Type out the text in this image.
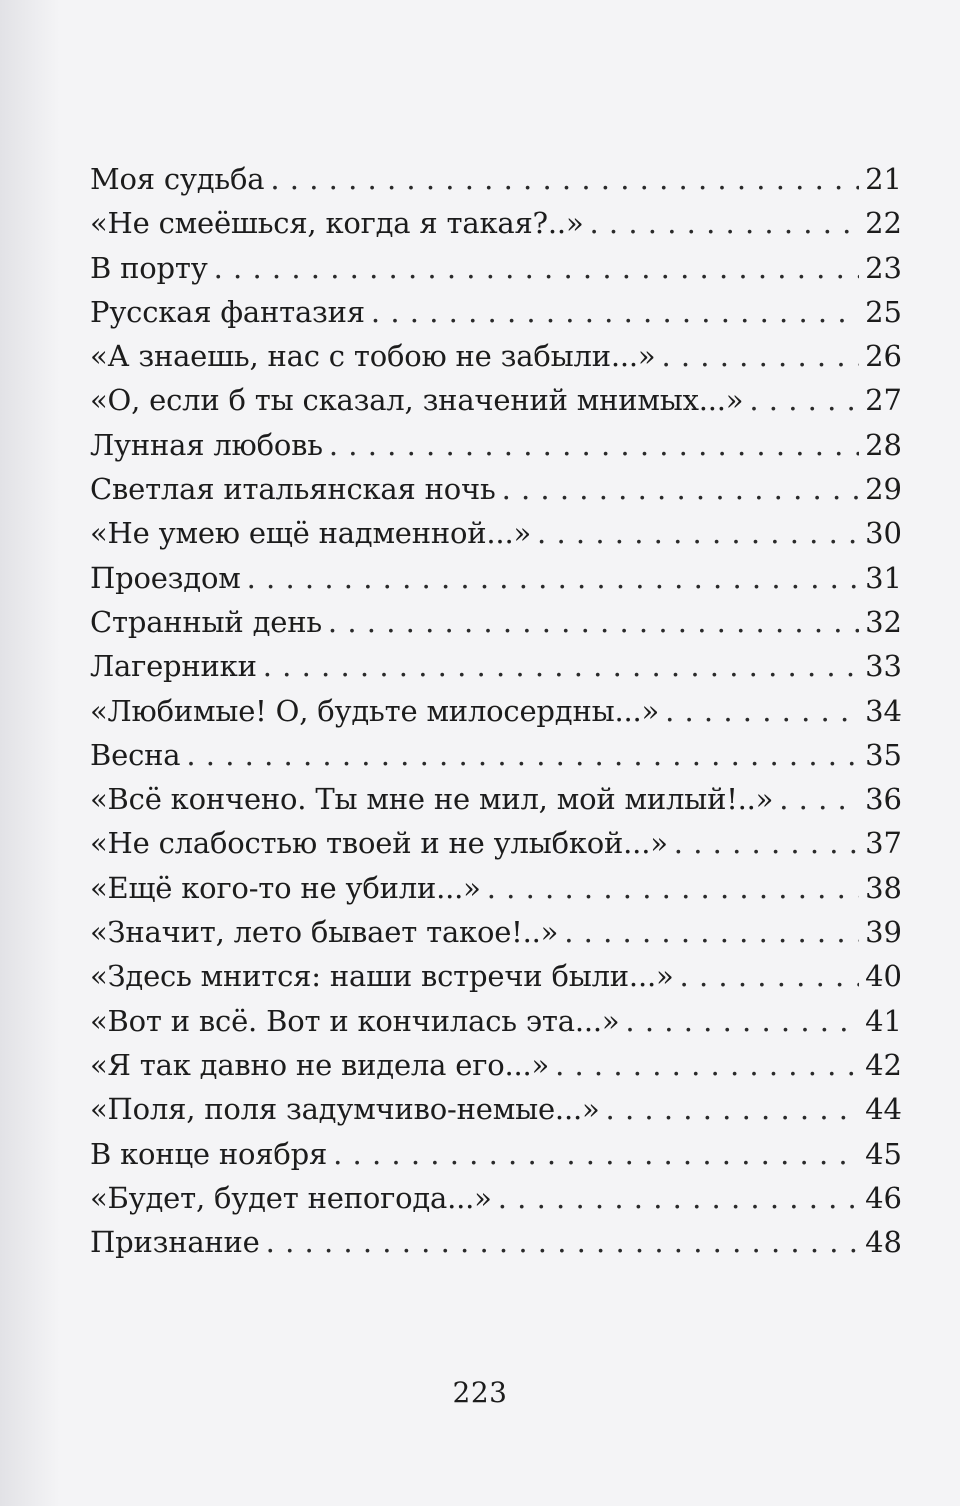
Моя судьба . . .	21
«Не смеёшься, когда я такая?..» . . .	22
В порту . . .	23
Русская фантазия . . .	25
«А знаешь, нас с тобою не забыли...» . . .	26
«О, если б ты сказал, значений мнимых...» . . .	27
Лунная любовь . . .	28
Светлая итальянская ночь . . .	29
«Не умею ещё надменной...» . . .	30
Проездом . . .	31
Странный день . . .	32
Лагерники . . .	33
«Любимые! О, будьте милосердны...» . . .	34
Весна . . .	35
«Всё кончено. Ты мне не мил, мой милый!..» . . .	36
«Не слабостью твоей и не улыбкой...» . . .	37
«Ещё кого-то не убили...» . . .	38
«Значит, лето бывает такое!..» . . .	39
«Здесь мнится: наши встречи были...» . . .	40
«Вот и всё. Вот и кончилась эта...» . . .	41
«Я так давно не видела его...» . . .	42
«Поля, поля задумчиво-немые...» . . .	44
В конце ноября . . .	45
«Будет, будет непогода...» . . .	46
Признание . . .	48
223
